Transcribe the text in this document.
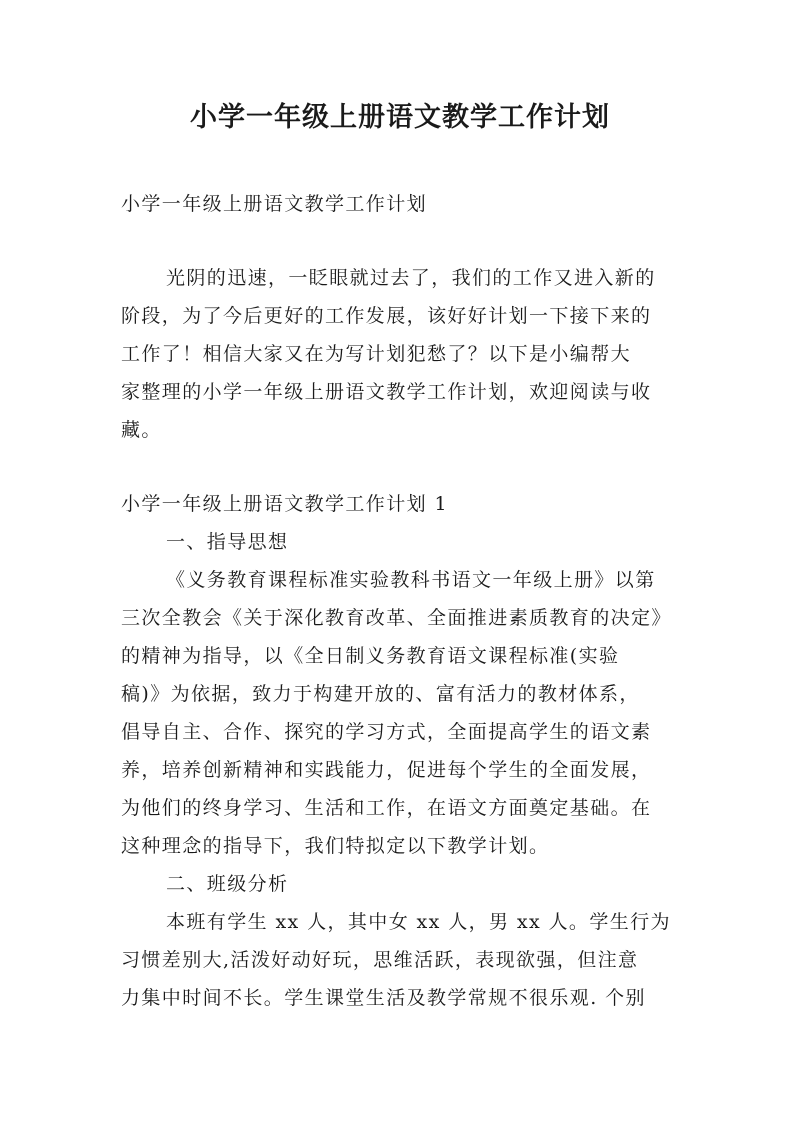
小学一年级上册语文教学工作计划
小学一年级上册语文教学工作计划
光阴的迅速，一眨眼就过去了，我们的工作又进入新的
阶段，为了今后更好的工作发展，该好好计划一下接下来的
工作了！相信大家又在为写计划犯愁了？以下是小编帮大
家整理的小学一年级上册语文教学工作计划，欢迎阅读与收
藏。
小学一年级上册语文教学工作计划 1
一、指导思想
《义务教育课程标准实验教科书语文一年级上册》以第
三次全教会《关于深化教育改革、全面推进素质教育的决定》
的精神为指导，以《全日制义务教育语文课程标准(实验
稿)》为依据，致力于构建开放的、富有活力的教材体系，
倡导自主、合作、探究的学习方式，全面提高学生的语文素
养，培养创新精神和实践能力，促进每个学生的全面发展，
为他们的终身学习、生活和工作，在语文方面奠定基础。在
这种理念的指导下，我们特拟定以下教学计划。
二、班级分析
本班有学生 xx 人，其中女 xx 人，男 xx 人。学生行为
习惯差别大,活泼好动好玩，思维活跃，表现欲强，但注意
力集中时间不长。学生课堂生活及教学常规不很乐观. 个别
